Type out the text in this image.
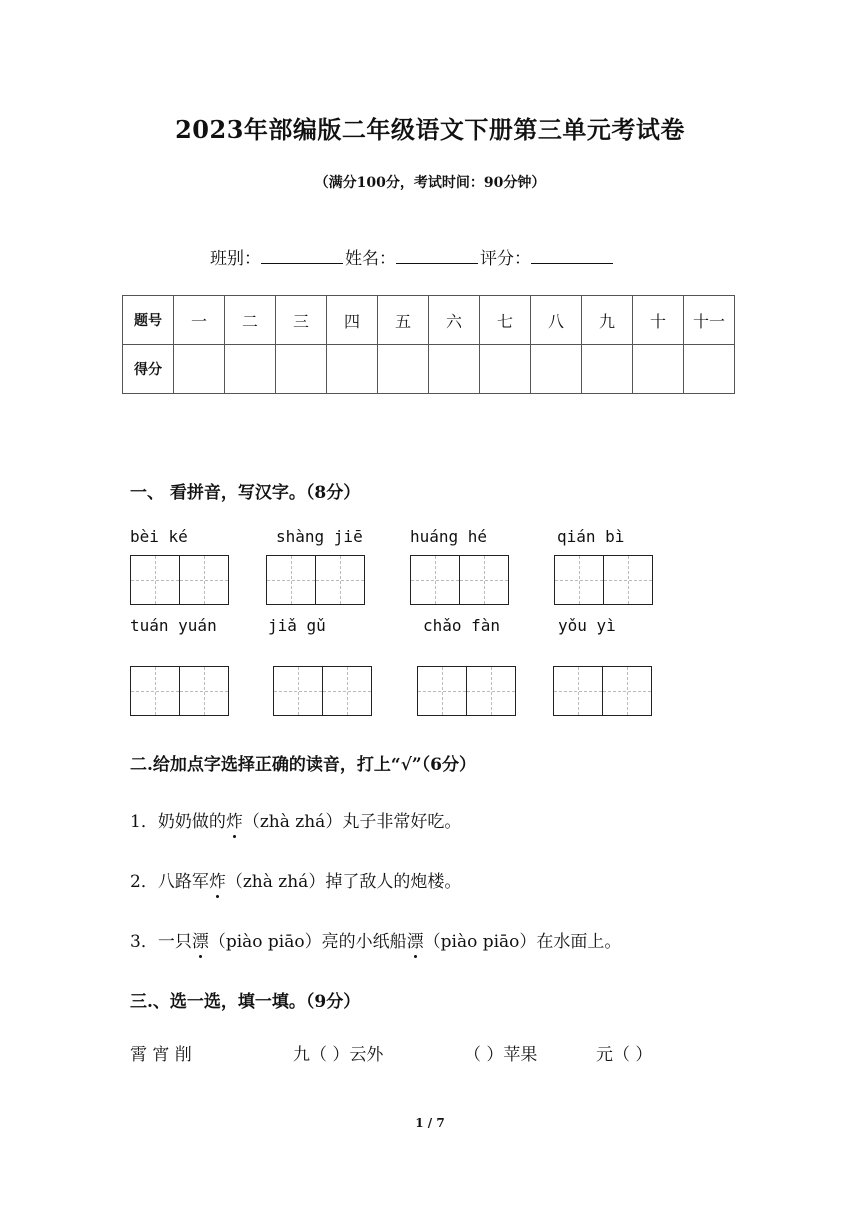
2023年部编版二年级语文下册第三单元考试卷
（满分100分，考试时间：90分钟）
班别：	姓名：	评分：
题号	一	二	三	四	五	六	七	八	九	十	十一
得分											
一、 看拼音，写汉字。（8分）
bèi ké	shàng jiē	huáng hé	qián bì
tuán yuán	jiǎ gǔ	chǎo fàn	yǒu yì
二.给加点字选择正确的读音，打上“√”（6分）
1．奶奶做的炸（zhà zhá）丸子非常好吃。
2．八路军炸（zhà zhá）掉了敌人的炮楼。
3．一只漂（piào piāo）亮的小纸船漂（piào piāo）在水面上。
三.、选一选，填一填。（9分）
霄 宵 削	九（ ）云外	（ ）苹果	元（ ）
1 / 7
